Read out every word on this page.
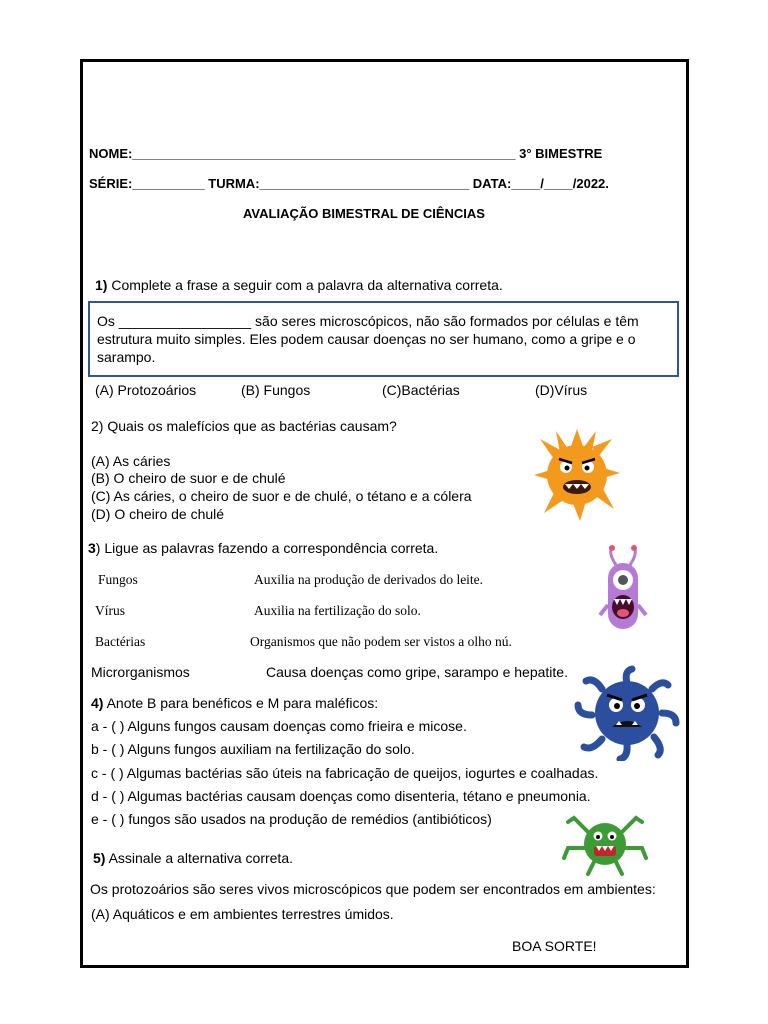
NOME:_____________________________________________________ 3° BIMESTRE
SÉRIE:__________ TURMA:_____________________________ DATA:____/____/2022.
AVALIAÇÃO BIMESTRAL DE CIÊNCIAS
1) Complete a frase a seguir com a palavra da alternativa correta.
Os _________________ são seres microscópicos, não são formados por células e têm estrutura muito simples. Eles podem causar doenças no ser humano, como a gripe e o sarampo.
(A) Protozoários	(B) Fungos	(C)Bactérias	(D)Vírus
2) Quais os malefícios que as bactérias causam?
(A) As cáries
(B) O cheiro de suor e de chulé
(C) As cáries, o cheiro de suor e de chulé, o tétano e a cólera
(D) O cheiro de chulé
3) Ligue as palavras fazendo a correspondência correta.
Fungos	Auxilia na produção de derivados do leite.
Vírus	Auxilia na fertilização do solo.
Bactérias	Organismos que não podem ser vistos a olho nú.
Microrganismos	Causa doenças como gripe, sarampo e hepatite.
4) Anote B para benéficos e M para maléficos:
a - ( ) Alguns fungos causam doenças como frieira e micose.
b - ( ) Alguns fungos auxiliam na fertilização do solo.
c - ( ) Algumas bactérias são úteis na fabricação de queijos, iogurtes e coalhadas.
d - ( ) Algumas bactérias causam doenças como disenteria, tétano e pneumonia.
e - ( ) fungos são usados na produção de remédios (antibióticos)
5) Assinale a alternativa correta.
Os protozoários são seres vivos microscópicos que podem ser encontrados em ambientes:
(A) Aquáticos e em ambientes terrestres úmidos.
BOA SORTE!
